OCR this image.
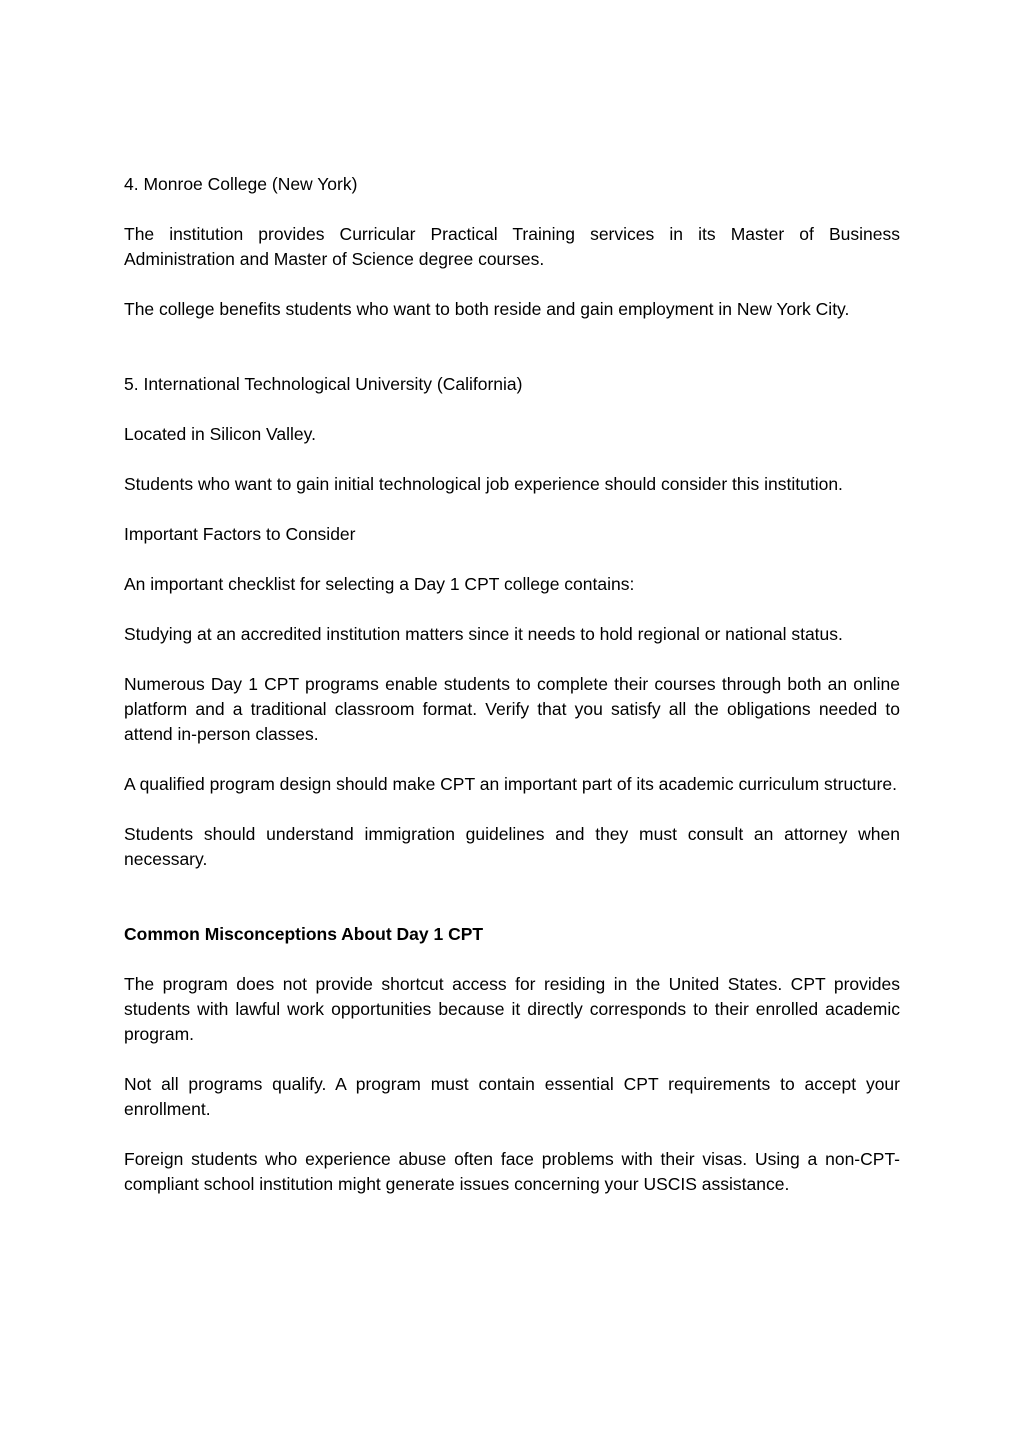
4. Monroe College (New York)

The institution provides Curricular Practical Training services in its Master of Business Administration and Master of Science degree courses.

The college benefits students who want to both reside and gain employment in New York City.

5. International Technological University (California)

Located in Silicon Valley.

Students who want to gain initial technological job experience should consider this institution.

Important Factors to Consider

An important checklist for selecting a Day 1 CPT college contains:

Studying at an accredited institution matters since it needs to hold regional or national status.

Numerous Day 1 CPT programs enable students to complete their courses through both an online platform and a traditional classroom format. Verify that you satisfy all the obligations needed to attend in-person classes.

A qualified program design should make CPT an important part of its academic curriculum structure.

Students should understand immigration guidelines and they must consult an attorney when necessary.

Common Misconceptions About Day 1 CPT

The program does not provide shortcut access for residing in the United States. CPT provides students with lawful work opportunities because it directly corresponds to their enrolled academic program.

Not all programs qualify. A program must contain essential CPT requirements to accept your enrollment.

Foreign students who experience abuse often face problems with their visas. Using a non-CPT-compliant school institution might generate issues concerning your USCIS assistance.
